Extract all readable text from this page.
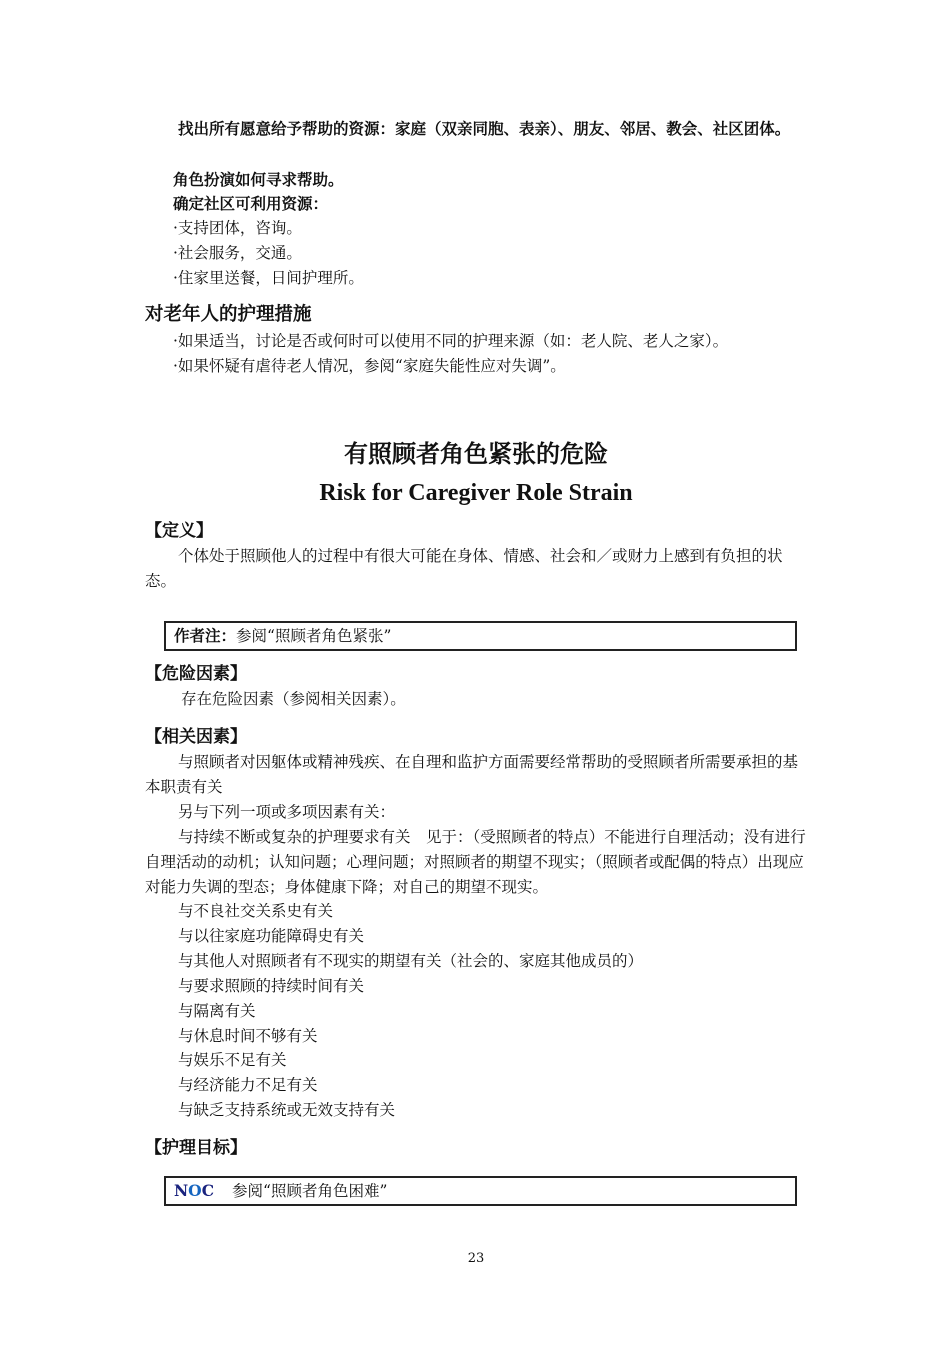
找出所有愿意给予帮助的资源：家庭（双亲同胞、表亲）、朋友、邻居、教会、社区团体。
角色扮演如何寻求帮助。
确定社区可利用资源：
·支持团体，咨询。
·社会服务，交通。
·住家里送餐，日间护理所。
对老年人的护理措施
·如果适当，讨论是否或何时可以使用不同的护理来源（如：老人院、老人之家）。
·如果怀疑有虐待老人情况，参阅“家庭失能性应对失调”。
有照顾者角色紧张的危险
Risk for Caregiver Role Strain
【定义】
个体处于照顾他人的过程中有很大可能在身体、情感、社会和／或财力上感到有负担的状态。
作者注：参阅“照顾者角色紧张”
【危险因素】
存在危险因素（参阅相关因素）。
【相关因素】
与照顾者对因躯体或精神残疾、在自理和监护方面需要经常帮助的受照顾者所需要承担的基本职责有关
另与下列一项或多项因素有关：
与持续不断或复杂的护理要求有关　见于：（受照顾者的特点）不能进行自理活动；没有进行自理活动的动机；认知问题；心理问题；对照顾者的期望不现实；（照顾者或配偶的特点）出现应对能力失调的型态；身体健康下降；对自己的期望不现实。
与不良社交关系史有关
与以往家庭功能障碍史有关
与其他人对照顾者有不现实的期望有关（社会的、家庭其他成员的）
与要求照顾的持续时间有关
与隔离有关
与休息时间不够有关
与娱乐不足有关
与经济能力不足有关
与缺乏支持系统或无效支持有关
【护理目标】
NOC 参阅“照顾者角色困难”
23
